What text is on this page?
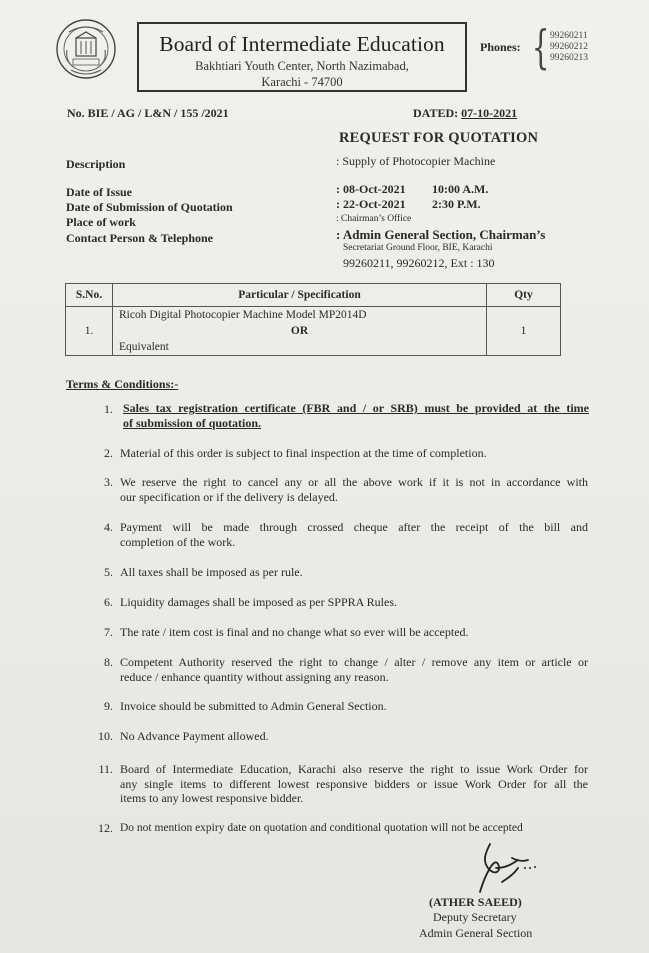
Board of Intermediate Education
Bakhtiari Youth Center, North Nazimabad,
Karachi - 74700
Phones: { 99260211
99260212
99260213
No. BIE / AG / L&N / 155 /2021	DATED: 07-10-2021
REQUEST FOR QUOTATION
Description	: Supply of Photocopier Machine
Date of Issue	: 08-Oct-2021 10:00 A.M.
Date of Submission of Quotation	: 22-Oct-2021 2:30 P.M.
Place of work	: Chairman’s Office
Contact Person & Telephone	: Admin General Section, Chairman’s
Secretariat Ground Floor, BIE, Karachi
99260211, 99260212, Ext : 130
S.No.	Particular / Specification	Qty
1.	Ricoh Digital Photocopier Machine Model MP2014D
OR
Equivalent	1
Terms & Conditions:-
1. Sales tax registration certificate (FBR and / or SRB) must be provided at the time
of submission of quotation.
2. Material of this order is subject to final inspection at the time of completion.
3. We reserve the right to cancel any or all the above work if it is not in accordance with
our specification or if the delivery is delayed.
4. Payment will be made through crossed cheque after the receipt of the bill and
completion of the work.
5. All taxes shall be imposed as per rule.
6. Liquidity damages shall be imposed as per SPPRA Rules.
7. The rate / item cost is final and no change what so ever will be accepted.
8. Competent Authority reserved the right to change / alter / remove any item or article or
reduce / enhance quantity without assigning any reason.
9. Invoice should be submitted to Admin General Section.
10. No Advance Payment allowed.
11. Board of Intermediate Education, Karachi also reserve the right to issue Work Order for
any single items to different lowest responsive bidders or issue Work Order for all the
items to any lowest responsive bidder.
12. Do not mention expiry date on quotation and conditional quotation will not be accepted
(ATHER SAEED)
Deputy Secretary
Admin General Section
